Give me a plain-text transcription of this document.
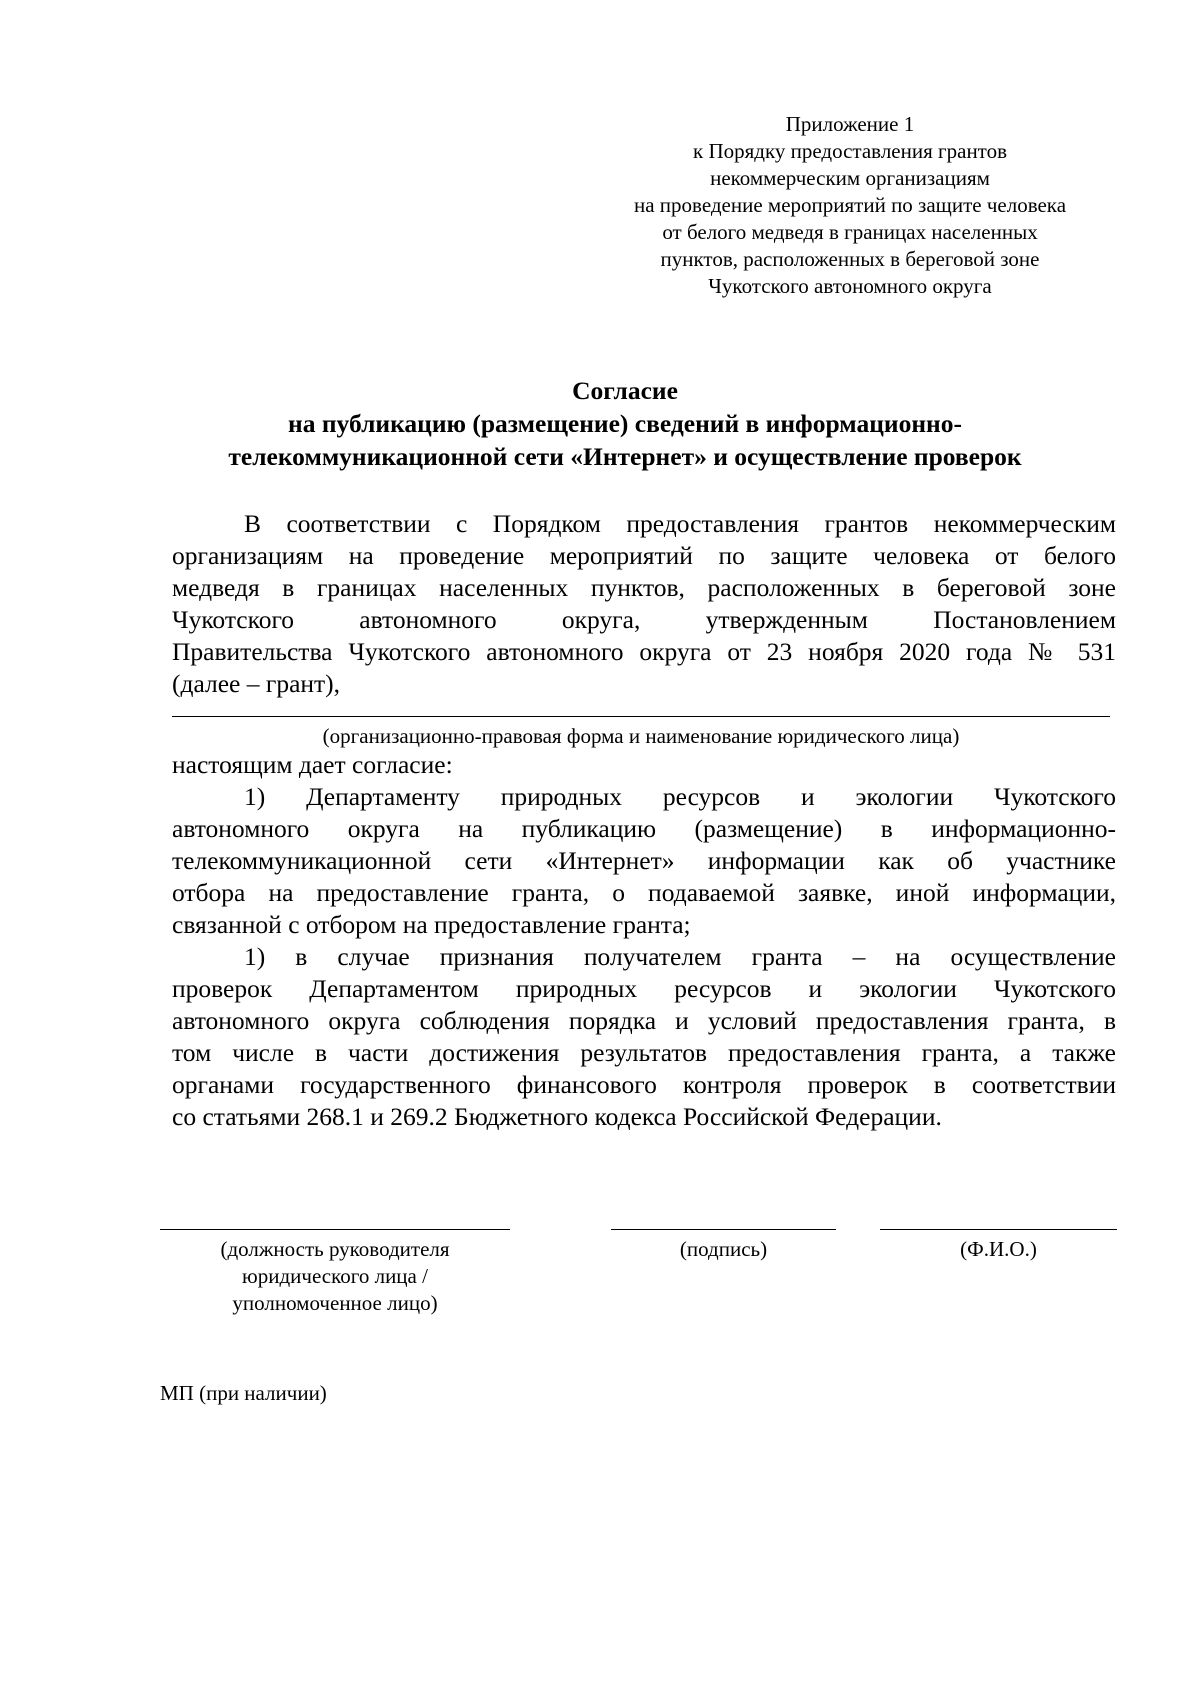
Приложение 1
к Порядку предоставления грантов
некоммерческим организациям
на проведение мероприятий по защите человека
от белого медведя в границах населенных
пунктов, расположенных в береговой зоне
Чукотского автономного округа
Согласие
на публикацию (размещение) сведений в информационно-
телекоммуникационной сети «Интернет» и осуществление проверок
В соответствии с Порядком предоставления грантов некоммерческим
организациям на проведение мероприятий по защите человека от белого
медведя в границах населенных пунктов, расположенных в береговой зоне
Чукотского автономного округа, утвержденным Постановлением
Правительства Чукотского автономного округа от 23 ноября 2020 года № 531
(далее – грант),
(организационно-правовая форма и наименование юридического лица)
настоящим дает согласие:
1) Департаменту природных ресурсов и экологии Чукотского
автономного округа на публикацию (размещение) в информационно-
телекоммуникационной сети «Интернет» информации как об участнике
отбора на предоставление гранта, о подаваемой заявке, иной информации,
связанной с отбором на предоставление гранта;
1) в случае признания получателем гранта – на осуществление
проверок Департаментом природных ресурсов и экологии Чукотского
автономного округа соблюдения порядка и условий предоставления гранта, в
том числе в части достижения результатов предоставления гранта, а также
органами государственного финансового контроля проверок в соответствии
со статьями 268.1 и 269.2 Бюджетного кодекса Российской Федерации.
(должность руководителя
юридического лица /
уполномоченное лицо)
(подпись)	(Ф.И.О.)
МП (при наличии)
